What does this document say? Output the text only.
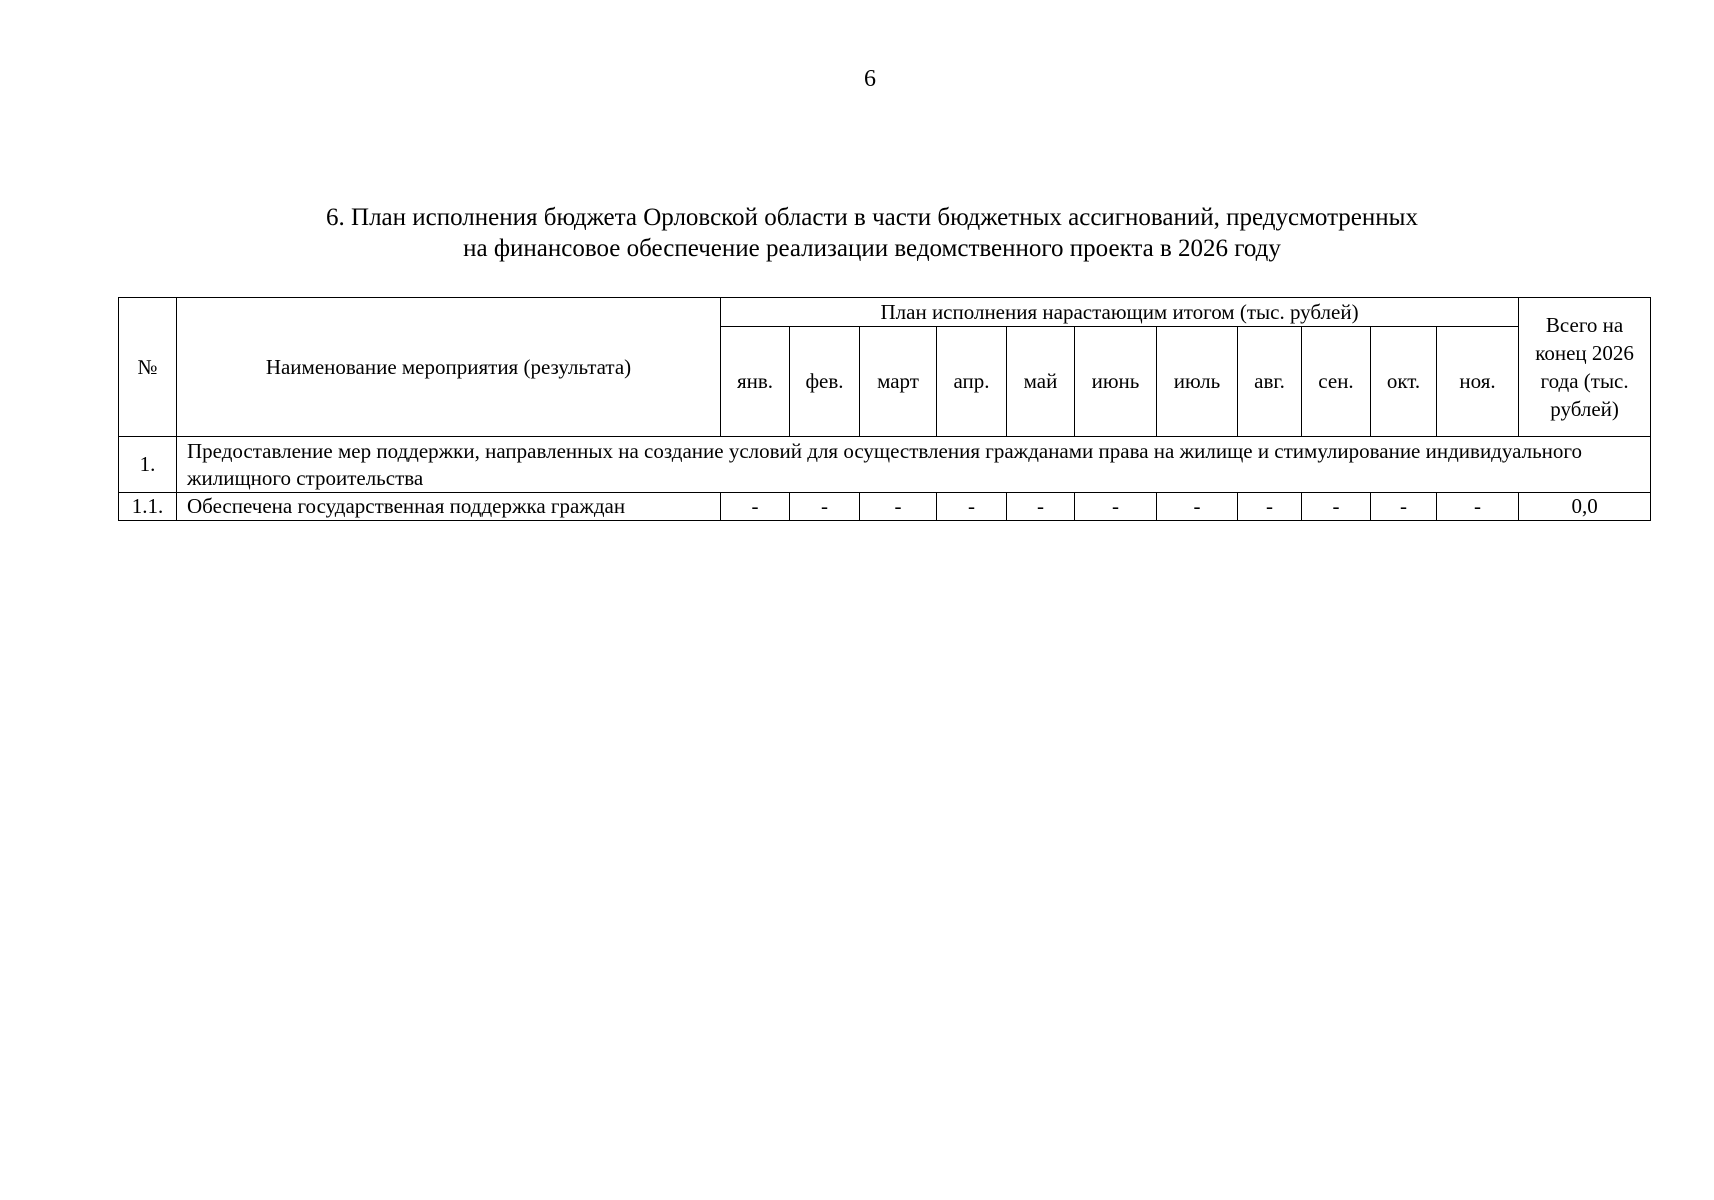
6
6. План исполнения бюджета Орловской области в части бюджетных ассигнований, предусмотренных
на финансовое обеспечение реализации ведомственного проекта в 2026 году
№	Наименование мероприятия (результата)	План исполнения нарастающим итогом (тыс. рублей)											Всего на конец 2026 года (тыс. рублей)
		янв.	фев.	март	апр.	май	июнь	июль	авг.	сен.	окт.	ноя.	
1.	Предоставление мер поддержки, направленных на создание условий для осуществления гражданами права на жилище и стимулирование индивидуального жилищного строительства												
1.1.	Обеспечена государственная поддержка граждан	-	-	-	-	-	-	-	-	-	-	-	0,0
